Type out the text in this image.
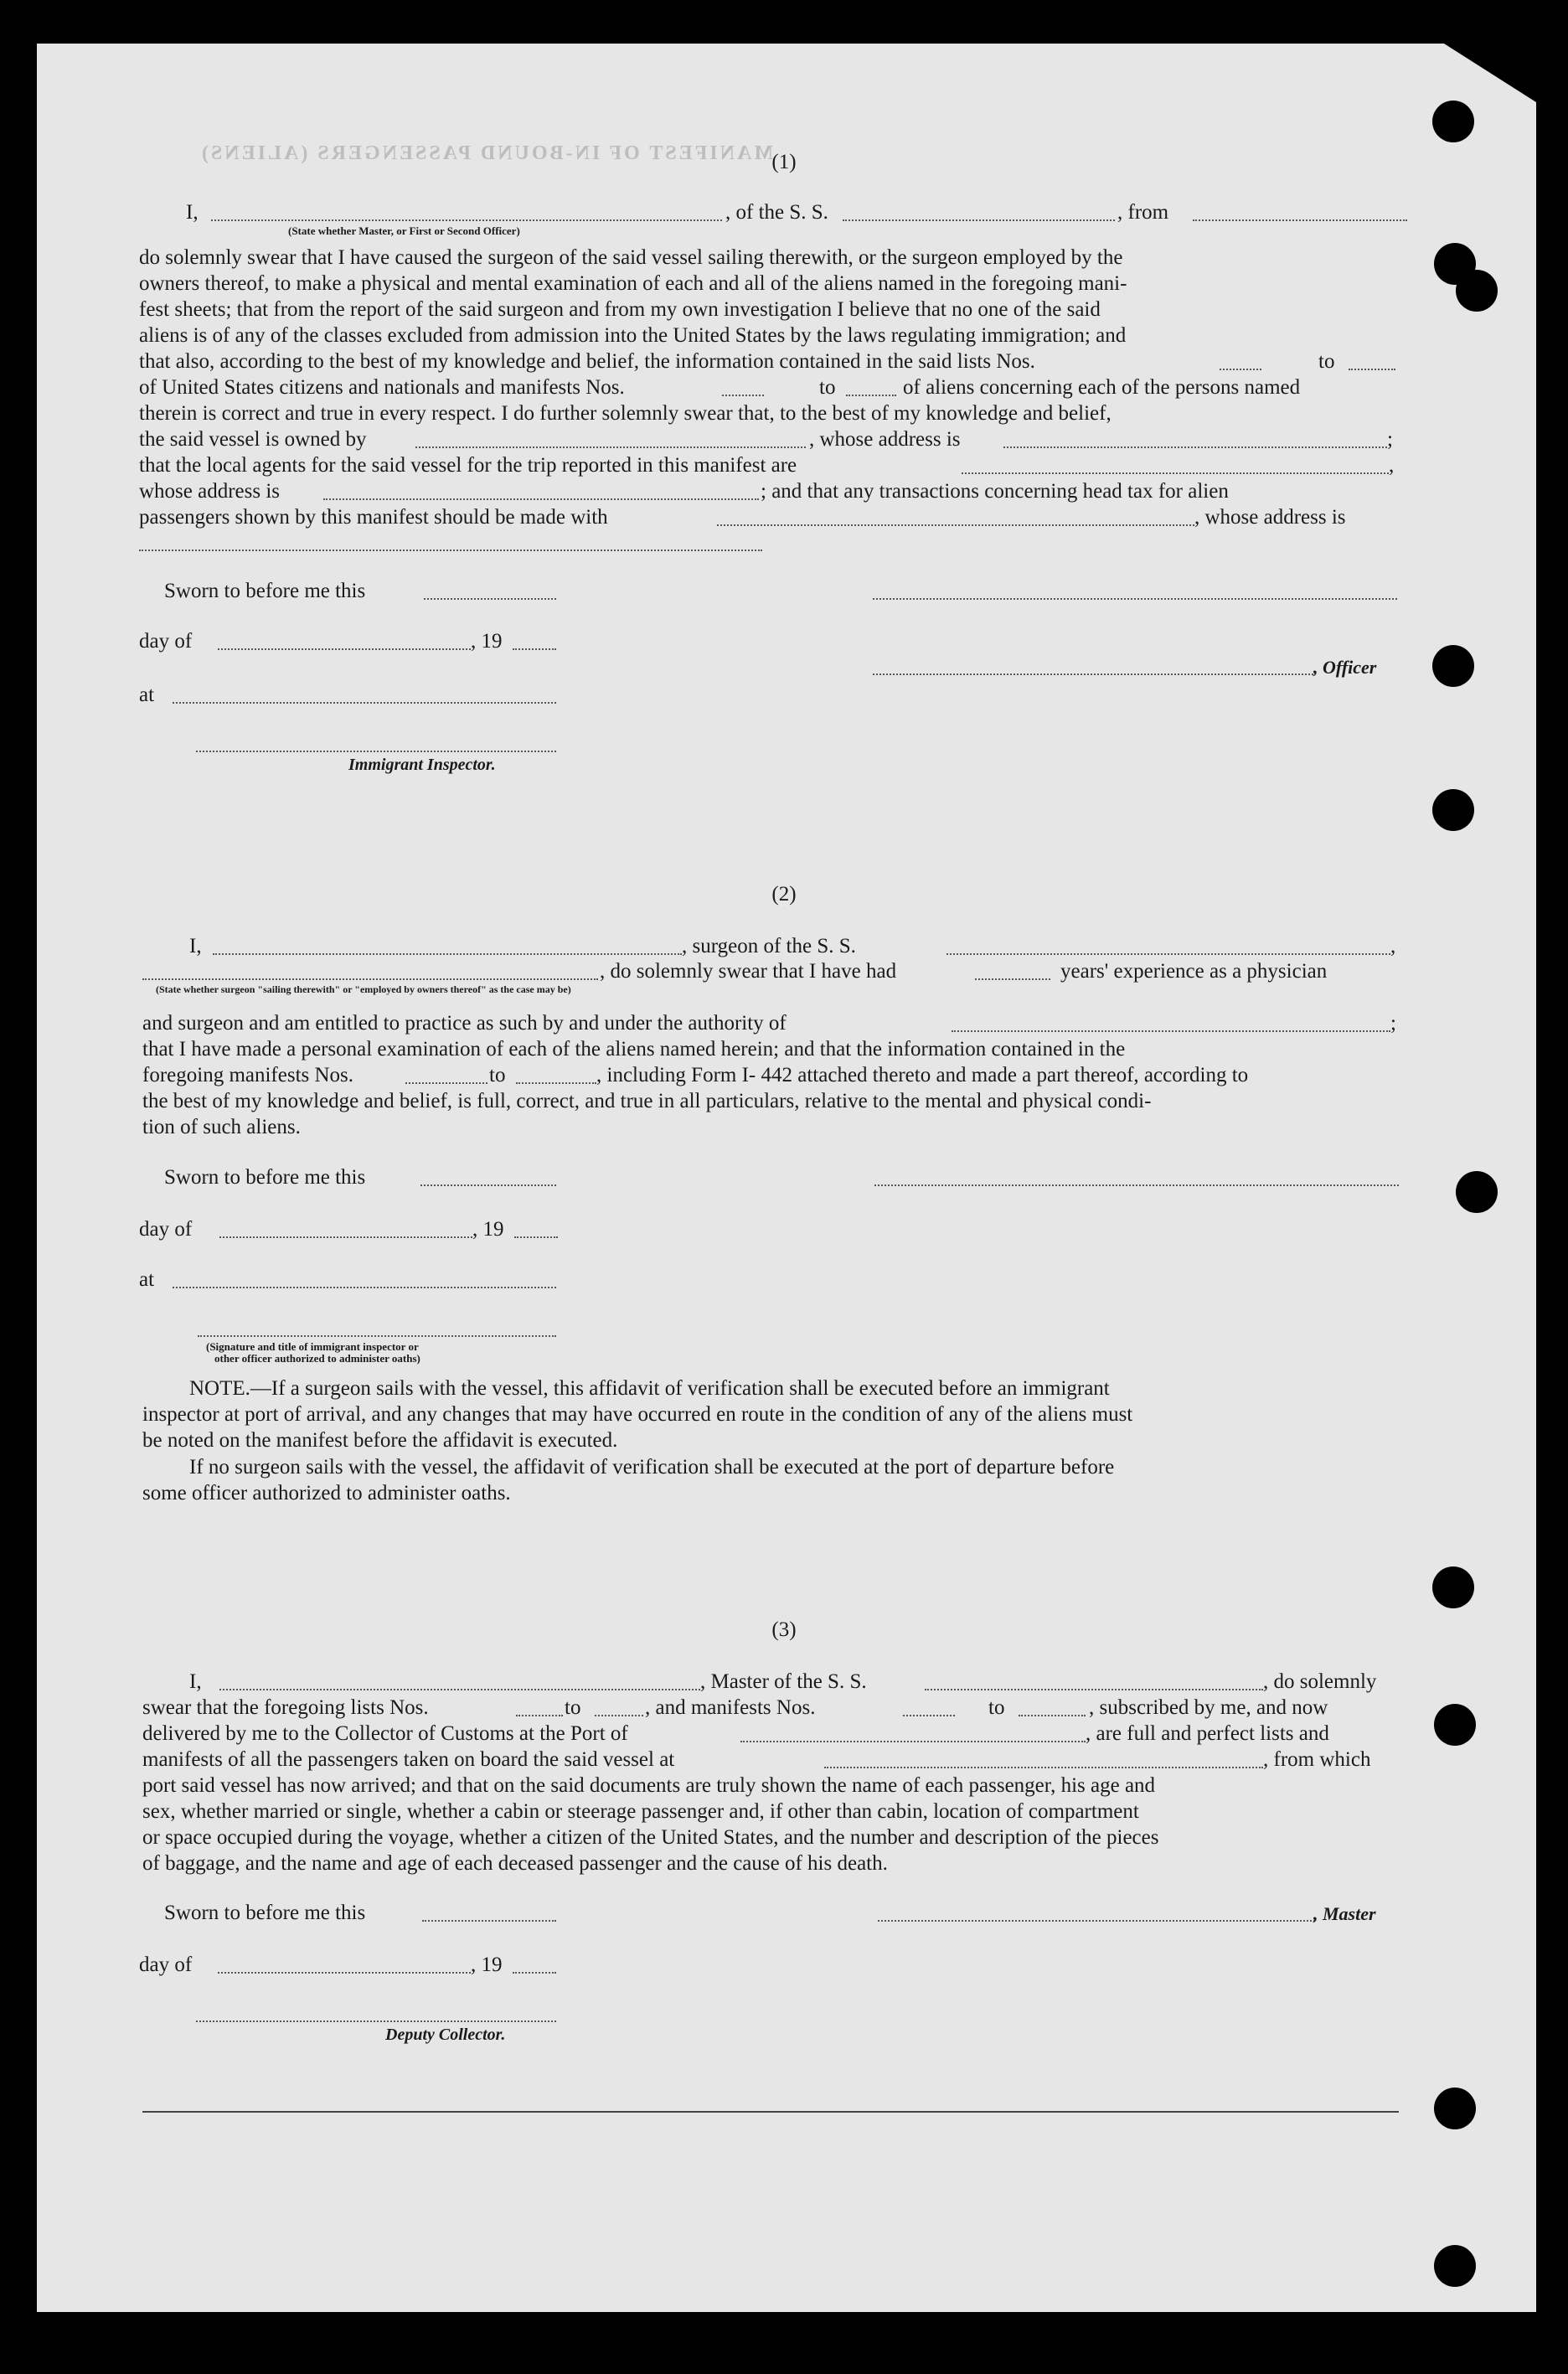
MANIFEST OF IN-BOUND PASSENGERS (ALIENS)
(1)
I,	, of the S. S.	, from
(State whether Master, or First or Second Officer)
do solemnly swear that I have caused the surgeon of the said vessel sailing therewith, or the surgeon employed by the
owners thereof, to make a physical and mental examination of each and all of the aliens named in the foregoing mani-
fest sheets; that from the report of the said surgeon and from my own investigation I believe that no one of the said
aliens is of any of the classes excluded from admission into the United States by the laws regulating immigration; and
that also, according to the best of my knowledge and belief, the information contained in the said lists Nos.	to
of United States citizens and nationals and manifests Nos.	to	of aliens concerning each of the persons named
therein is correct and true in every respect. I do further solemnly swear that, to the best of my knowledge and belief,
the said vessel is owned by	, whose address is	;
that the local agents for the said vessel for the trip reported in this manifest are	,
whose address is	; and that any transactions concerning head tax for alien
passengers shown by this manifest should be made with	, whose address is
Sworn to before me this
day of	, 19
, Officer
at
Immigrant Inspector.
(2)
I,	, surgeon of the S. S.	,
, do solemnly swear that I have had	years' experience as a physician
(State whether surgeon "sailing therewith" or "employed by owners thereof" as the case may be)
and surgeon and am entitled to practice as such by and under the authority of	;
that I have made a personal examination of each of the aliens named herein; and that the information contained in the
foregoing manifests Nos.	to	, including Form I- 442 attached thereto and made a part thereof, according to
the best of my knowledge and belief, is full, correct, and true in all particulars, relative to the mental and physical condi-
tion of such aliens.
Sworn to before me this
day of	, 19
at
(Signature and title of immigrant inspector or
other officer authorized to administer oaths)
NOTE.—If a surgeon sails with the vessel, this affidavit of verification shall be executed before an immigrant
inspector at port of arrival, and any changes that may have occurred en route in the condition of any of the aliens must
be noted on the manifest before the affidavit is executed.
If no surgeon sails with the vessel, the affidavit of verification shall be executed at the port of departure before
some officer authorized to administer oaths.
(3)
I,	, Master of the S. S.	, do solemnly
swear that the foregoing lists Nos.	to	, and manifests Nos.	to	, subscribed by me, and now
delivered by me to the Collector of Customs at the Port of	, are full and perfect lists and
manifests of all the passengers taken on board the said vessel at	, from which
port said vessel has now arrived; and that on the said documents are truly shown the name of each passenger, his age and
sex, whether married or single, whether a cabin or steerage passenger and, if other than cabin, location of compartment
or space occupied during the voyage, whether a citizen of the United States, and the number and description of the pieces
of baggage, and the name and age of each deceased passenger and the cause of his death.
Sworn to before me this	, Master
day of	, 19
Deputy Collector.
